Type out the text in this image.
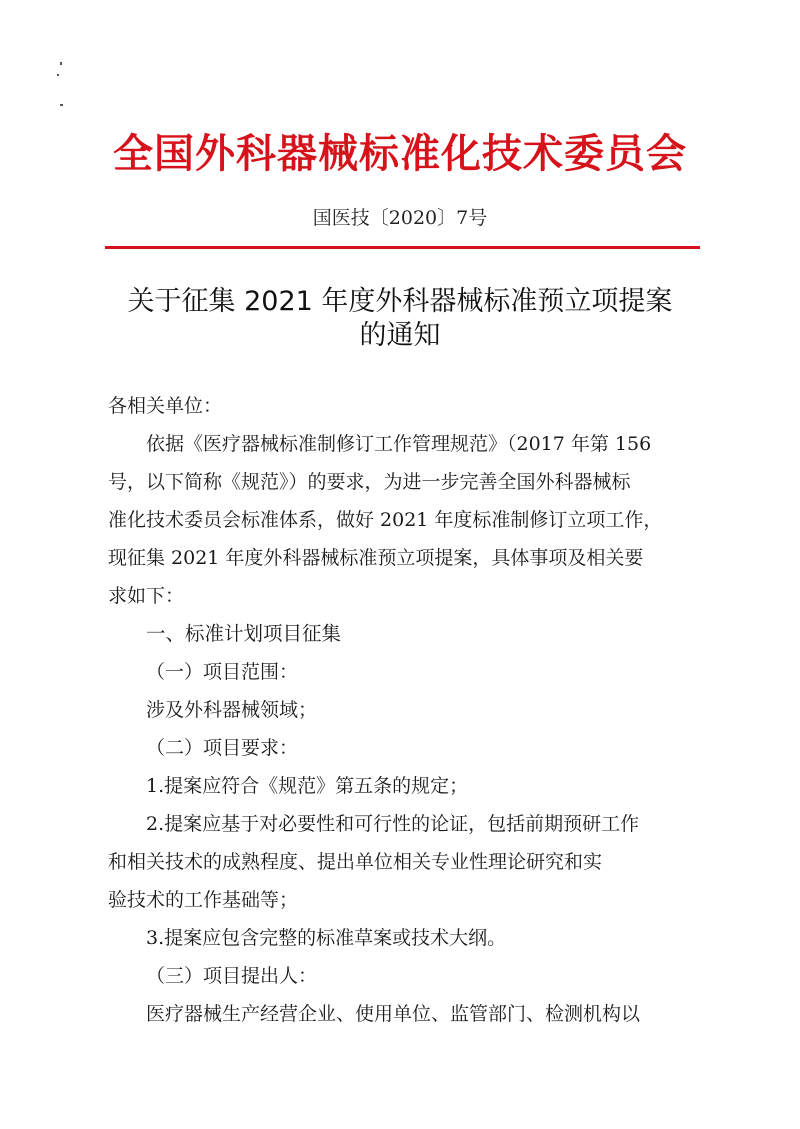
全国外科器械标准化技术委员会
国医技〔2020〕7号
关于征集 2021 年度外科器械标准预立项提案
的通知
各相关单位：
依据《医疗器械标准制修订工作管理规范》（2017 年第 156
号，以下简称《规范》）的要求，为进一步完善全国外科器械标
准化技术委员会标准体系，做好 2021 年度标准制修订立项工作，
现征集 2021 年度外科器械标准预立项提案，具体事项及相关要
求如下：
一、标准计划项目征集
（一）项目范围：
涉及外科器械领域；
（二）项目要求：
1.提案应符合《规范》第五条的规定；
2.提案应基于对必要性和可行性的论证，包括前期预研工作
和相关技术的成熟程度、提出单位相关专业性理论研究和实
验技术的工作基础等；
3.提案应包含完整的标准草案或技术大纲。
（三）项目提出人：
医疗器械生产经营企业、使用单位、监管部门、检测机构以
